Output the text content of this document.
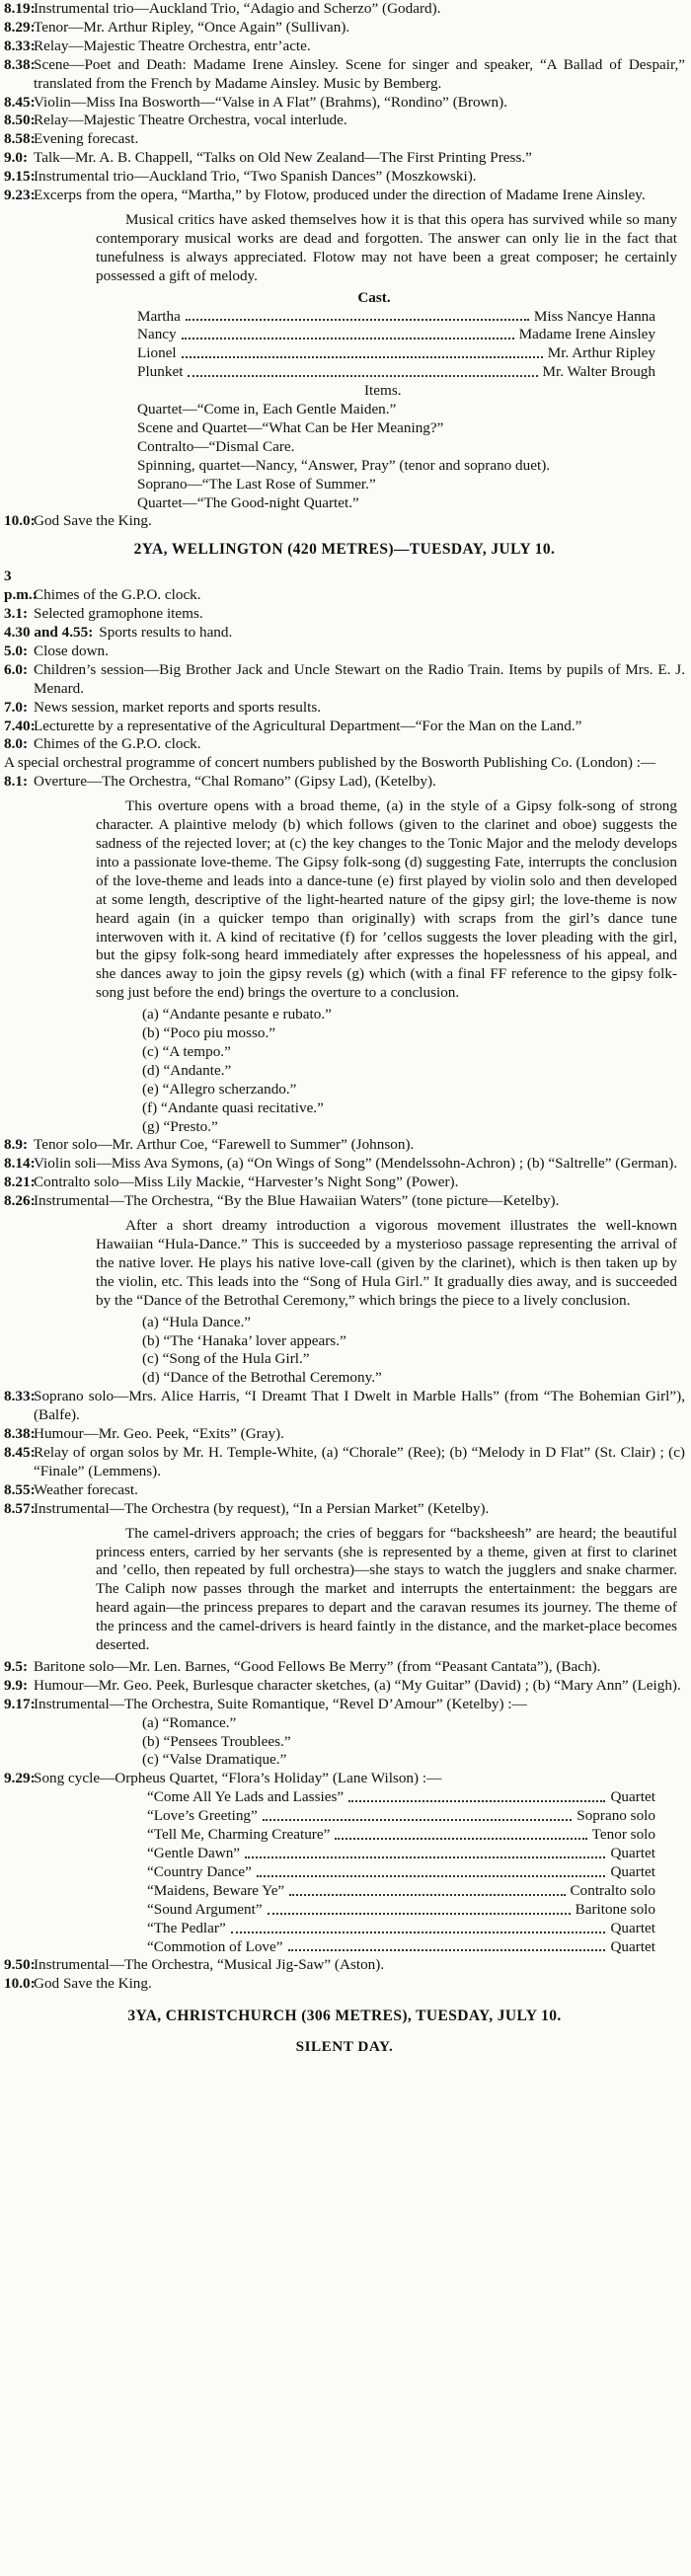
8.19:Instrumental trio—Auckland Trio, “Adagio and Scherzo” (Godard).
8.29:Tenor—Mr. Arthur Ripley, “Once Again” (Sullivan).
8.33:Relay—Majestic Theatre Orchestra, entr’acte.
8.38:Scene—Poet and Death: Madame Irene Ainsley. Scene for singer and speaker, “A Ballad of Despair,” translated from the French by Madame Ainsley. Music by Bemberg.
8.45:Violin—Miss Ina Bosworth—“Valse in A Flat” (Brahms), “Rondino” (Brown).
8.50:Relay—Majestic Theatre Orchestra, vocal interlude.
8.58:Evening forecast.
9.0: Talk—Mr. A. B. Chappell, “Talks on Old New Zealand—The First Printing Press.”
9.15:Instrumental trio—Auckland Trio, “Two Spanish Dances” (Moszkowski).
9.23:Excerps from the opera, “Martha,” by Flotow, produced under the direction of Madame Irene Ainsley.
Musical critics have asked themselves how it is that this opera has survived while so many contemporary musical works are dead and forgotten. The answer can only lie in the fact that tunefulness is always appreciated. Flotow may not have been a great composer; he certainly possessed a gift of melody.
Cast.
Martha	Miss Nancye Hanna
Nancy	Madame Irene Ainsley
Lionel	Mr. Arthur Ripley
Plunket	Mr. Walter Brough
Items.
Quartet—“Come in, Each Gentle Maiden.”
Scene and Quartet—“What Can be Her Meaning?”
Contralto—“Dismal Care.
Spinning, quartet—Nancy, “Answer, Pray” (tenor and soprano duet).
Soprano—“The Last Rose of Summer.”
Quartet—“The Good-night Quartet.”
10.0:God Save the King.
2YA, WELLINGTON (420 METRES)—TUESDAY, JULY 10.
3 p.m.:Chimes of the G.P.O. clock.
3.1: Selected gramophone items.
4.30 and 4.55: Sports results to hand.
5.0: Close down.
6.0: Children’s session—Big Brother Jack and Uncle Stewart on the Radio Train. Items by pupils of Mrs. E. J. Menard.
7.0: News session, market reports and sports results.
7.40:Lecturette by a representative of the Agricultural Department—“For the Man on the Land.”
8.0: Chimes of the G.P.O. clock.
A special orchestral programme of concert numbers published by the Bosworth Publishing Co. (London) :—
8.1: Overture—The Orchestra, “Chal Romano” (Gipsy Lad), (Ketelby).
This overture opens with a broad theme, (a) in the style of a Gipsy folk-song of strong character. A plaintive melody (b) which follows (given to the clarinet and oboe) suggests the sadness of the rejected lover; at (c) the key changes to the Tonic Major and the melody develops into a passionate love-theme. The Gipsy folk-song (d) suggesting Fate, interrupts the conclusion of the love-theme and leads into a dance-tune (e) first played by violin solo and then developed at some length, descriptive of the light-hearted nature of the gipsy girl; the love-theme is now heard again (in a quicker tempo than originally) with scraps from the girl’s dance tune interwoven with it. A kind of recitative (f) for ’cellos suggests the lover pleading with the girl, but the gipsy folk-song heard immediately after expresses the hopelessness of his appeal, and she dances away to join the gipsy revels (g) which (with a final FF reference to the gipsy folk-song just before the end) brings the overture to a conclusion.
(a) “Andante pesante e rubato.”
(b) “Poco piu mosso.”
(c) “A tempo.”
(d) “Andante.”
(e) “Allegro scherzando.”
(f) “Andante quasi recitative.”
(g) “Presto.”
8.9: Tenor solo—Mr. Arthur Coe, “Farewell to Summer” (Johnson).
8.14:Violin soli—Miss Ava Symons, (a) “On Wings of Song” (Mendelssohn-Achron) ; (b) “Saltrelle” (German).
8.21:Contralto solo—Miss Lily Mackie, “Harvester’s Night Song” (Power).
8.26:Instrumental—The Orchestra, “By the Blue Hawaiian Waters” (tone picture—Ketelby).
After a short dreamy introduction a vigorous movement illustrates the well-known Hawaiian “Hula-Dance.” This is succeeded by a mysterioso passage representing the arrival of the native lover. He plays his native love-call (given by the clarinet), which is then taken up by the violin, etc. This leads into the “Song of Hula Girl.” It gradually dies away, and is succeeded by the “Dance of the Betrothal Ceremony,” which brings the piece to a lively conclusion.
(a) “Hula Dance.”
(b) “The ‘Hanaka’ lover appears.”
(c) “Song of the Hula Girl.”
(d) “Dance of the Betrothal Ceremony.”
8.33:Soprano solo—Mrs. Alice Harris, “I Dreamt That I Dwelt in Marble Halls” (from “The Bohemian Girl”), (Balfe).
8.38:Humour—Mr. Geo. Peek, “Exits” (Gray).
8.45:Relay of organ solos by Mr. H. Temple-White, (a) “Chorale” (Ree); (b) “Melody in D Flat” (St. Clair) ; (c) “Finale” (Lemmens).
8.55:Weather forecast.
8.57:Instrumental—The Orchestra (by request), “In a Persian Market” (Ketelby).
The camel-drivers approach; the cries of beggars for “backsheesh” are heard; the beautiful princess enters, carried by her servants (she is represented by a theme, given at first to clarinet and ’cello, then repeated by full orchestra)—she stays to watch the jugglers and snake charmer. The Caliph now passes through the market and interrupts the entertainment: the beggars are heard again—the princess prepares to depart and the caravan resumes its journey. The theme of the princess and the camel-drivers is heard faintly in the distance, and the market-place becomes deserted.
9.5: Baritone solo—Mr. Len. Barnes, “Good Fellows Be Merry” (from “Peasant Cantata”), (Bach).
9.9: Humour—Mr. Geo. Peek, Burlesque character sketches, (a) “My Guitar” (David) ; (b) “Mary Ann” (Leigh).
9.17:Instrumental—The Orchestra, Suite Romantique, “Revel D’Amour” (Ketelby) :—
(a) “Romance.”
(b) “Pensees Troublees.”
(c) “Valse Dramatique.”
9.29:Song cycle—Orpheus Quartet, “Flora’s Holiday” (Lane Wilson) :—
“Come All Ye Lads and Lassies”	Quartet
“Love’s Greeting”	Soprano solo
“Tell Me, Charming Creature”	Tenor solo
“Gentle Dawn”	Quartet
“Country Dance”	Quartet
“Maidens, Beware Ye”	Contralto solo
“Sound Argument”	Baritone solo
“The Pedlar”	Quartet
“Commotion of Love”	Quartet
9.50:Instrumental—The Orchestra, “Musical Jig-Saw” (Aston).
10.0:God Save the King.
3YA, CHRISTCHURCH (306 METRES), TUESDAY, JULY 10.
SILENT DAY.
